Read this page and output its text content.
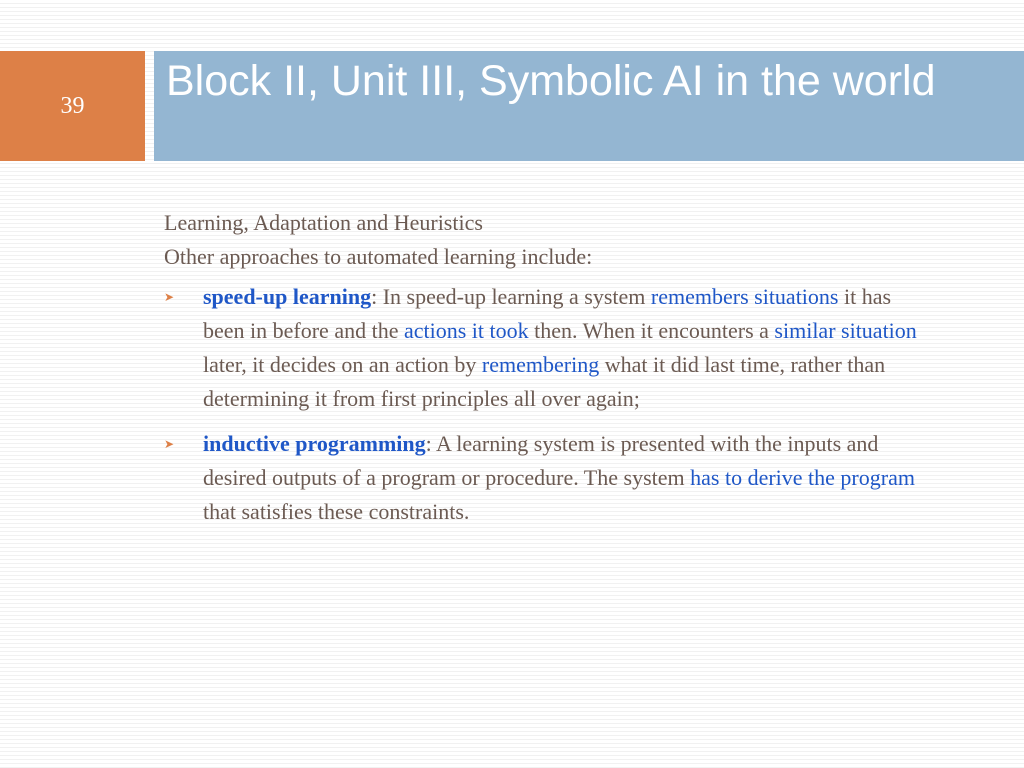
39
Block II, Unit III, Symbolic AI in the world

Learning, Adaptation and Heuristics

Other approaches to automated learning include:

➤ speed-up learning: In speed-up learning a system remembers situations it has been in before and the actions it took then. When it encounters a similar situation later, it decides on an action by remembering what it did last time, rather than determining it from first principles all over again;
➤ inductive programming: A learning system is presented with the inputs and desired outputs of a program or procedure. The system has to derive the program that satisfies these constraints.
